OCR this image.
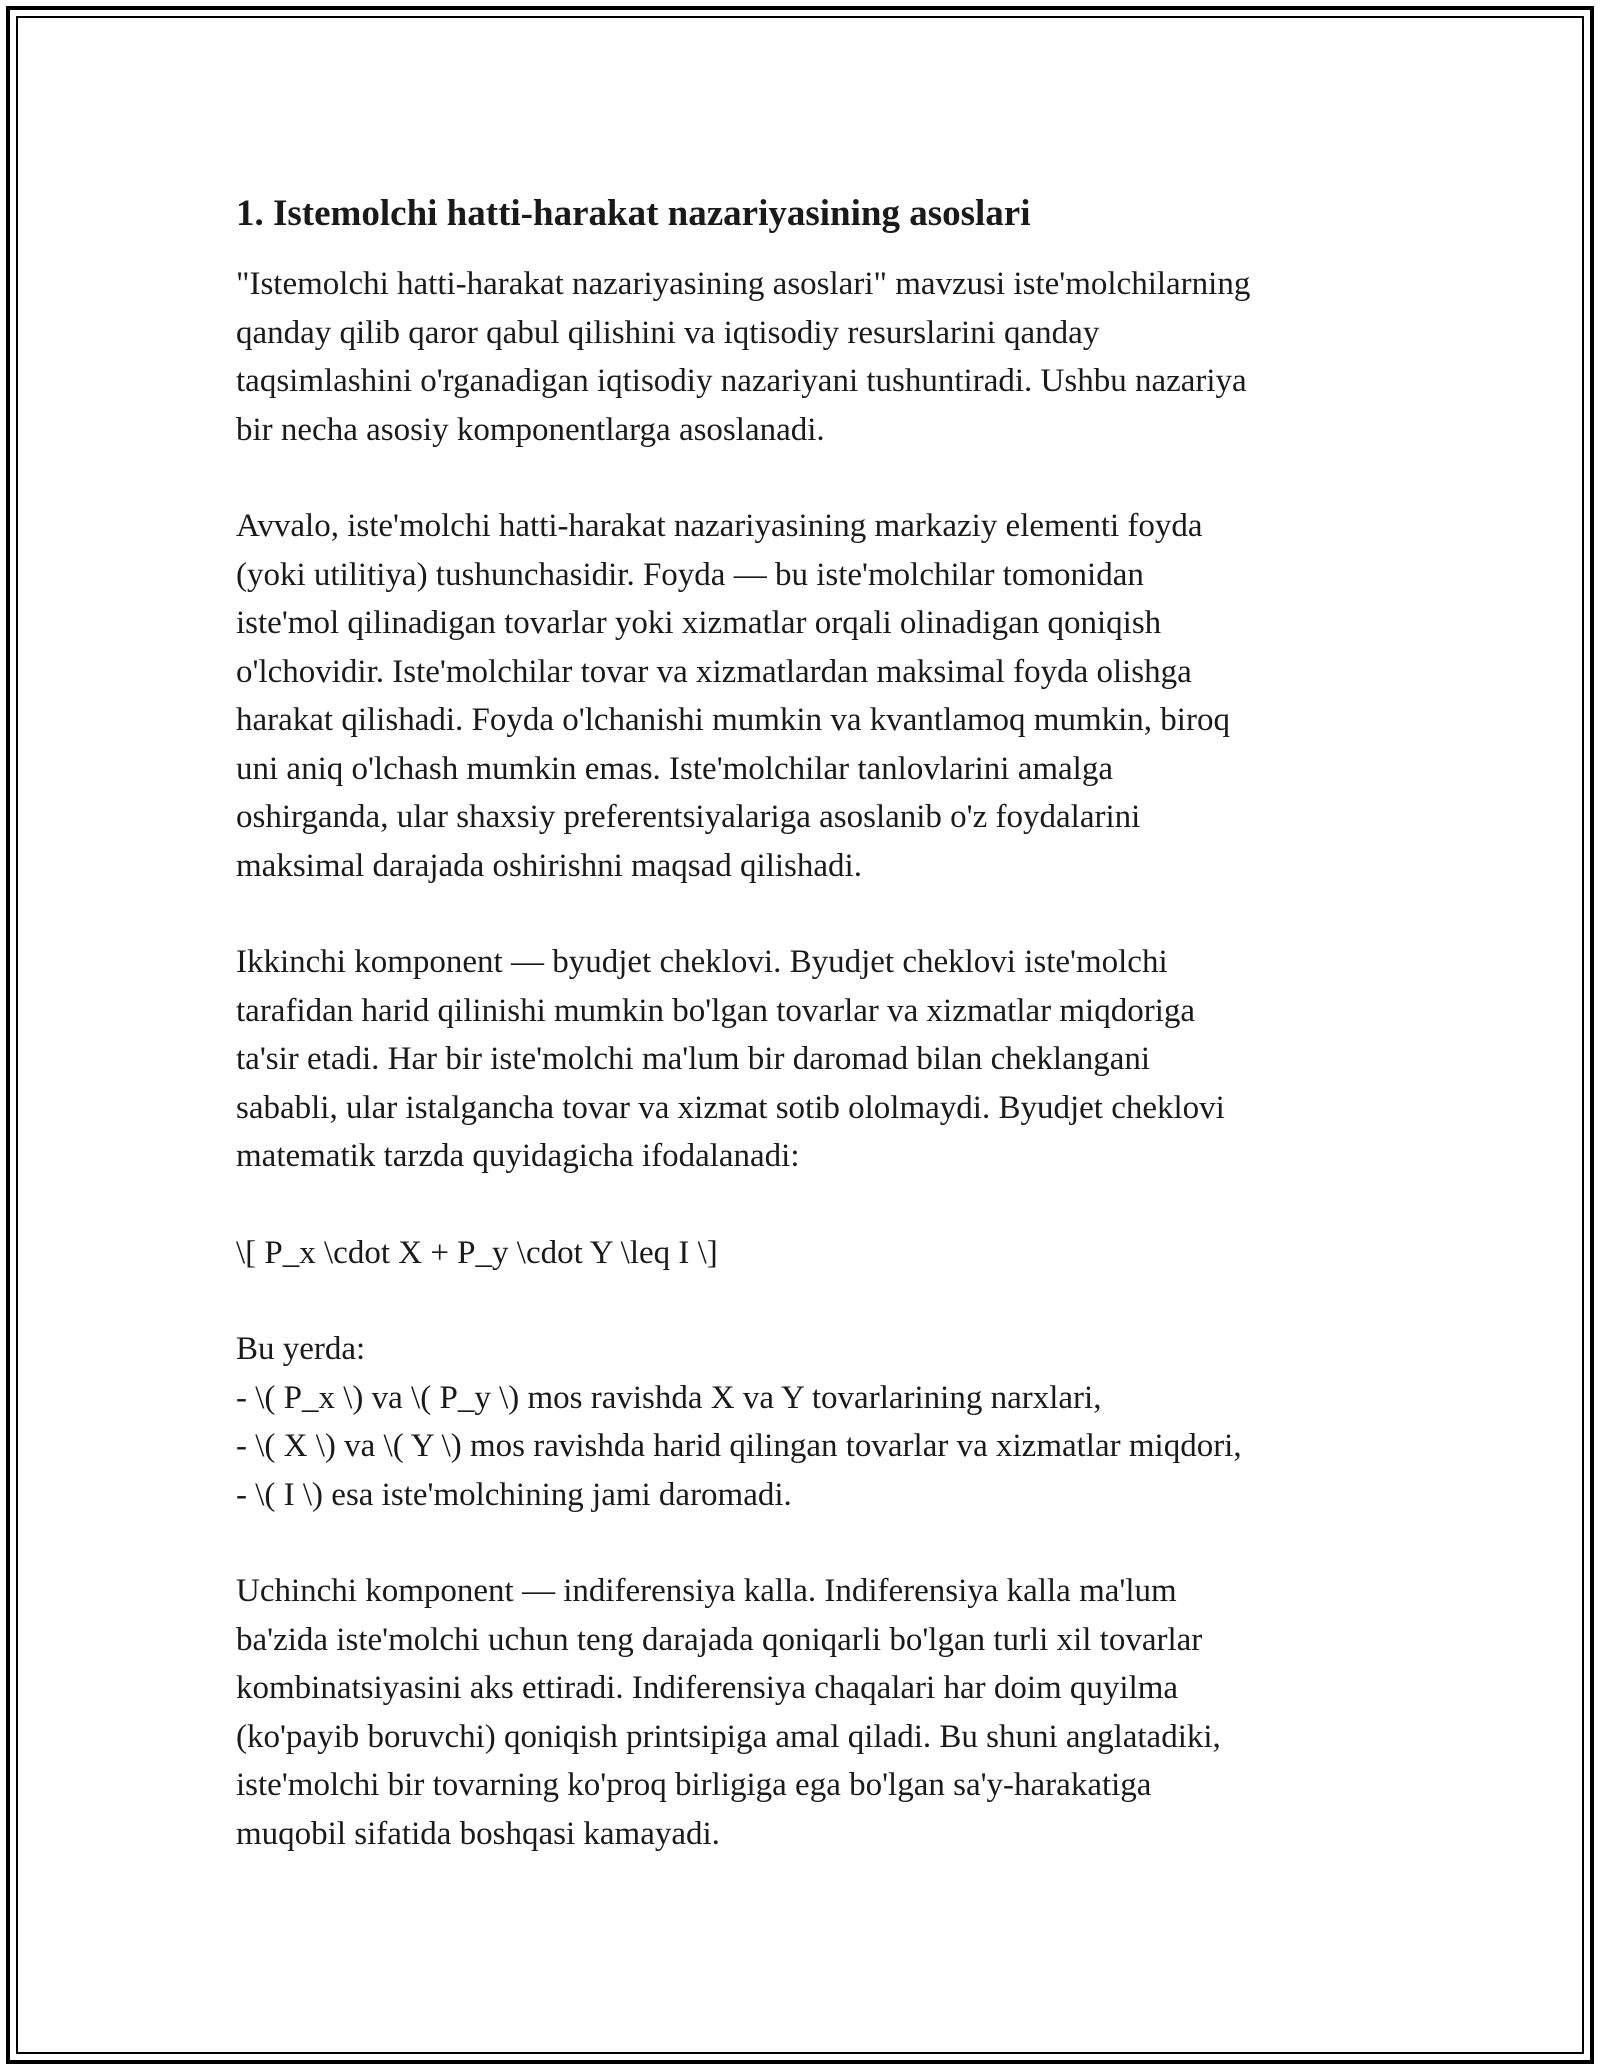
1. Istemolchi hatti-harakat nazariyasining asoslari

"Istemolchi hatti-harakat nazariyasining asoslari" mavzusi iste'molchilarning
qanday qilib qaror qabul qilishini va iqtisodiy resurslarini qanday
taqsimlashini o'rganadigan iqtisodiy nazariyani tushuntiradi. Ushbu nazariya
bir necha asosiy komponentlarga asoslanadi.

Avvalo, iste'molchi hatti-harakat nazariyasining markaziy elementi foyda
(yoki utilitiya) tushunchasidir. Foyda — bu iste'molchilar tomonidan
iste'mol qilinadigan tovarlar yoki xizmatlar orqali olinadigan qoniqish
o'lchovidir. Iste'molchilar tovar va xizmatlardan maksimal foyda olishga
harakat qilishadi. Foyda o'lchanishi mumkin va kvantlamoq mumkin, biroq
uni aniq o'lchash mumkin emas. Iste'molchilar tanlovlarini amalga
oshirganda, ular shaxsiy preferentsiyalariga asoslanib o'z foydalarini
maksimal darajada oshirishni maqsad qilishadi.

Ikkinchi komponent — byudjet cheklovi. Byudjet cheklovi iste'molchi
tarafidan harid qilinishi mumkin bo'lgan tovarlar va xizmatlar miqdoriga
ta'sir etadi. Har bir iste'molchi ma'lum bir daromad bilan cheklangani
sababli, ular istalgancha tovar va xizmat sotib ololmaydi. Byudjet cheklovi
matematik tarzda quyidagicha ifodalanadi:

\[ P_x \cdot X + P_y \cdot Y \leq I \]

Bu yerda:
- \( P_x \) va \( P_y \) mos ravishda X va Y tovarlarining narxlari,
- \( X \) va \( Y \) mos ravishda harid qilingan tovarlar va xizmatlar miqdori,
- \( I \) esa iste'molchining jami daromadi.

Uchinchi komponent — indiferensiya kalla. Indiferensiya kalla ma'lum
ba'zida iste'molchi uchun teng darajada qoniqarli bo'lgan turli xil tovarlar
kombinatsiyasini aks ettiradi. Indiferensiya chaqalari har doim quyilma
(ko'payib boruvchi) qoniqish printsipiga amal qiladi. Bu shuni anglatadiki,
iste'molchi bir tovarning ko'proq birligiga ega bo'lgan sa'y-harakatiga
muqobil sifatida boshqasi kamayadi.
